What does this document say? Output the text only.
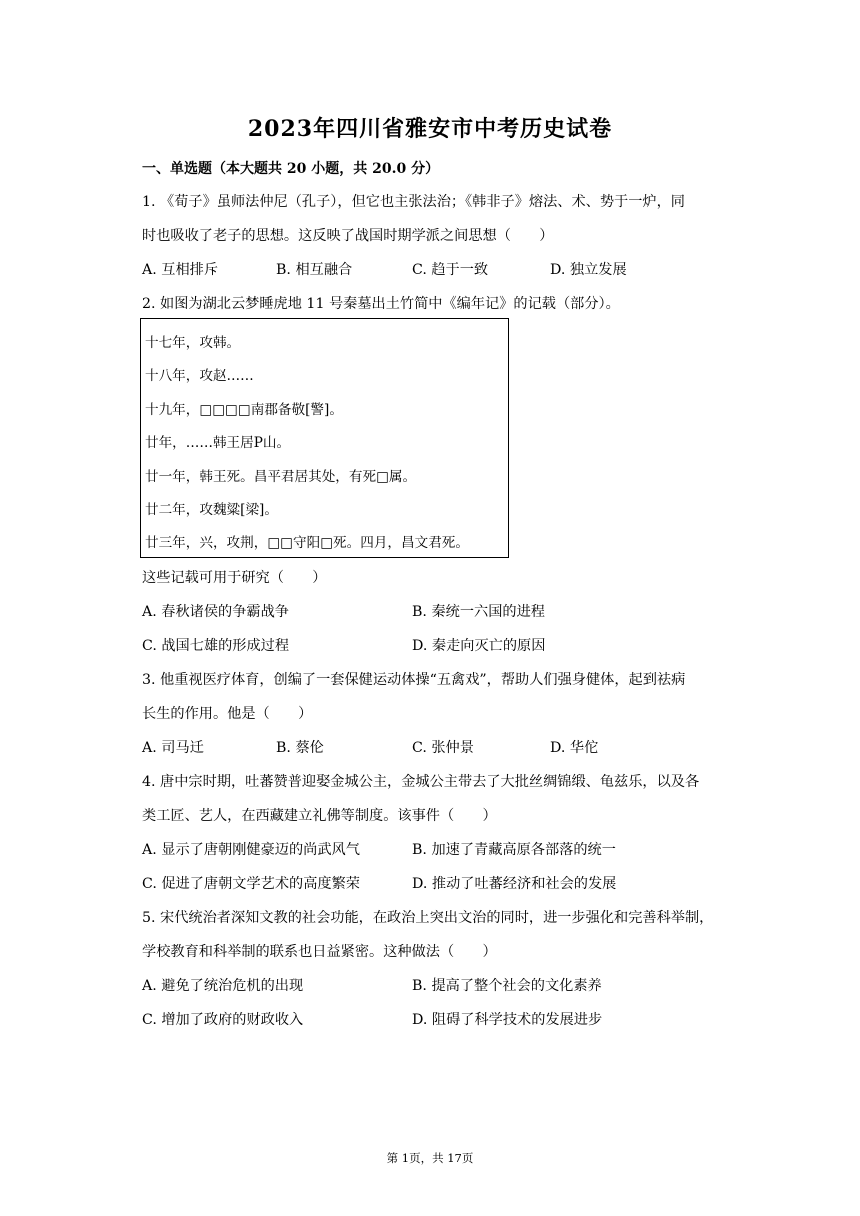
2023年四川省雅安市中考历史试卷
一、单选题（本大题共 20 小题，共 20.0 分）
1. 《荀子》虽师法仲尼（孔子），但它也主张法治；《韩非子》熔法、术、势于一炉，同
时也吸收了老子的思想。这反映了战国时期学派之间思想（　　）
A. 互相排斥	B. 相互融合	C. 趋于一致	D. 独立发展
2. 如图为湖北云梦睡虎地 11 号秦墓出土竹简中《编年记》的记载（部分）。
十七年，攻韩。
十八年，攻赵……
十九年，□□□□南郡备敬[警]。
廿年，……韩王居P山。
廿一年，韩王死。昌平君居其处，有死□属。
廿二年，攻魏粱[梁]。
廿三年，兴，攻荆，□□守阳□死。四月，昌文君死。
这些记载可用于研究（　　）
A. 春秋诸侯的争霸战争	B. 秦统一六国的进程
C. 战国七雄的形成过程	D. 秦走向灭亡的原因
3. 他重视医疗体育，创编了一套保健运动体操“五禽戏”，帮助人们强身健体，起到祛病
长生的作用。他是（　　）
A. 司马迁	B. 蔡伦	C. 张仲景	D. 华佗
4. 唐中宗时期，吐蕃赞普迎娶金城公主，金城公主带去了大批丝绸锦缎、龟兹乐，以及各
类工匠、艺人，在西藏建立礼佛等制度。该事件（　　）
A. 显示了唐朝刚健豪迈的尚武风气	B. 加速了青藏高原各部落的统一
C. 促进了唐朝文学艺术的高度繁荣	D. 推动了吐蕃经济和社会的发展
5. 宋代统治者深知文教的社会功能，在政治上突出文治的同时，进一步强化和完善科举制，
学校教育和科举制的联系也日益紧密。这种做法（　　）
A. 避免了统治危机的出现	B. 提高了整个社会的文化素养
C. 增加了政府的财政收入	D. 阻碍了科学技术的发展进步
第 1页，共 17页
